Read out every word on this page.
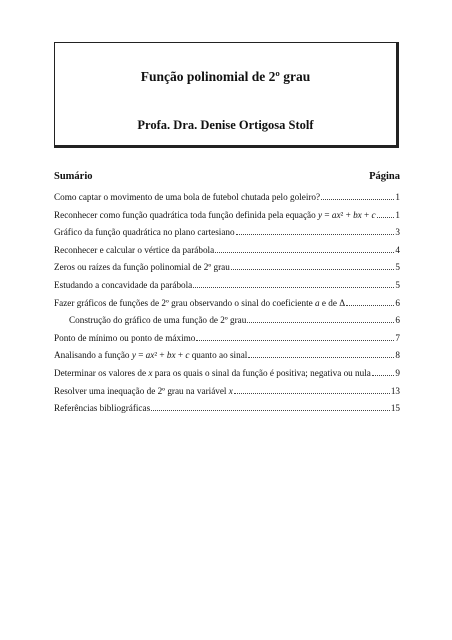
Função polinomial de 2º grau
Profa. Dra. Denise Ortigosa Stolf
Sumário	Página
Como captar o movimento de uma bola de futebol chutada pelo goleiro?	1
Reconhecer como função quadrática toda função definida pela equação y = ax² + bx + c 1
Gráfico da função quadrática no plano cartesiano	3
Reconhecer e calcular o vértice da parábola	4
Zeros ou raízes da função polinomial de 2º grau	5
Estudando a concavidade da parábola	5
Fazer gráficos de funções de 2º grau observando o sinal do coeficiente a e de Δ	6
Construção do gráfico de uma função de 2º grau	6
Ponto de mínimo ou ponto de máximo	7
Analisando a função y = ax² + bx + c quanto ao sinal	8
Determinar os valores de x para os quais o sinal da função é positiva; negativa ou nula	9
Resolver uma inequação de 2º grau na variável x	13
Referências bibliográficas	15
